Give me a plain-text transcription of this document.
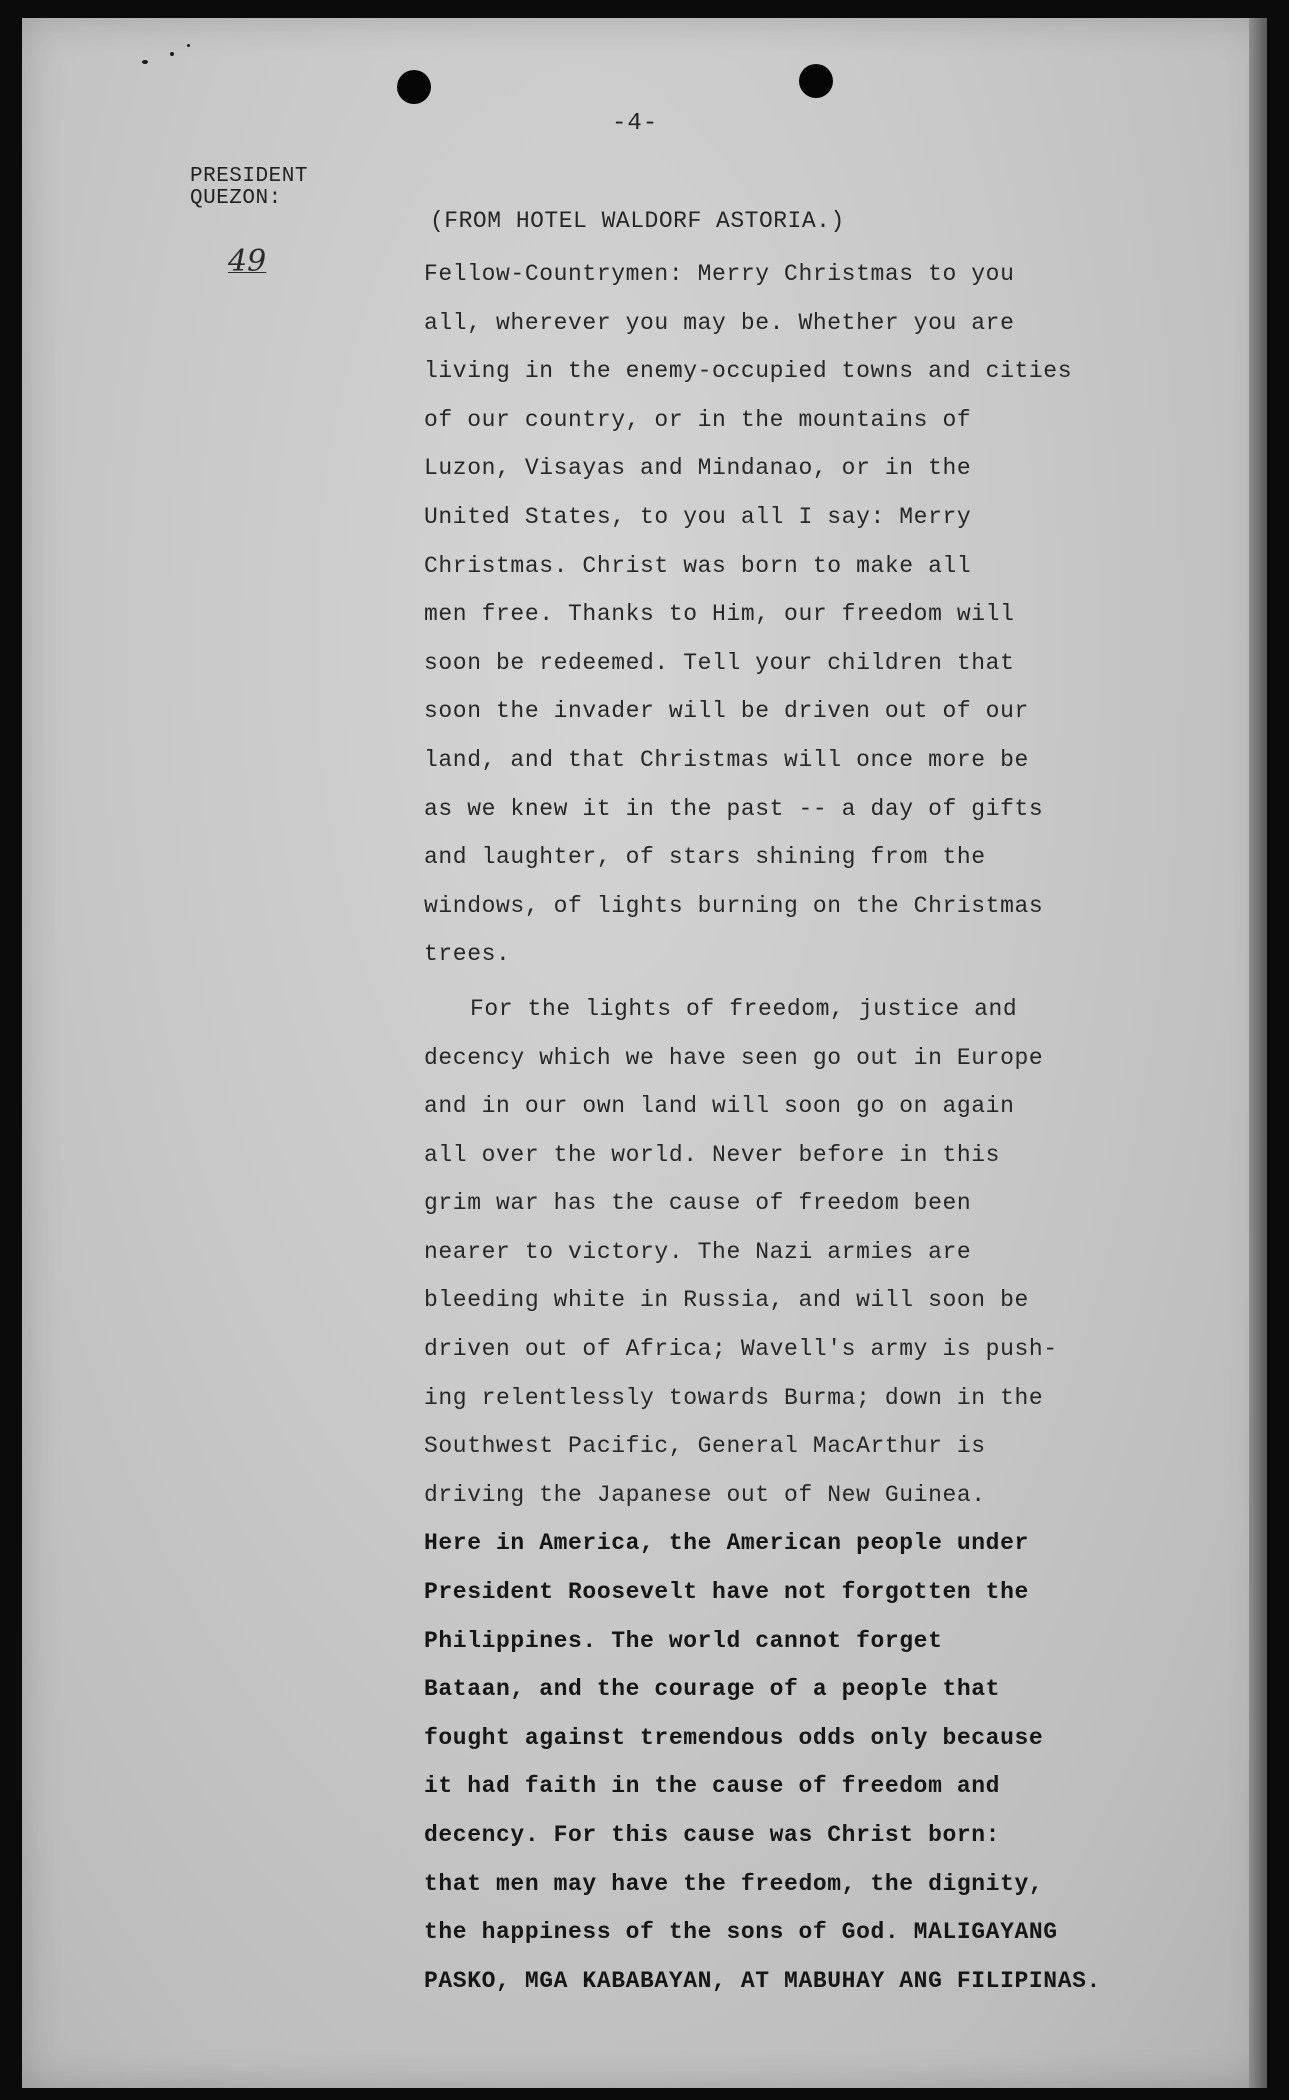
-4-
PRESIDENT
QUEZON:
49
(FROM HOTEL WALDORF ASTORIA.)
Fellow-Countrymen: Merry Christmas to you
all, wherever you may be. Whether you are
living in the enemy-occupied towns and cities
of our country, or in the mountains of
Luzon, Visayas and Mindanao, or in the
United States, to you all I say: Merry
Christmas. Christ was born to make all
men free. Thanks to Him, our freedom will
soon be redeemed. Tell your children that
soon the invader will be driven out of our
land, and that Christmas will once more be
as we knew it in the past -- a day of gifts
and laughter, of stars shining from the
windows, of lights burning on the Christmas
trees.
For the lights of freedom, justice and
decency which we have seen go out in Europe
and in our own land will soon go on again
all over the world. Never before in this
grim war has the cause of freedom been
nearer to victory. The Nazi armies are
bleeding white in Russia, and will soon be
driven out of Africa; Wavell's army is push-
ing relentlessly towards Burma; down in the
Southwest Pacific, General MacArthur is
driving the Japanese out of New Guinea.
Here in America, the American people under
President Roosevelt have not forgotten the
Philippines. The world cannot forget
Bataan, and the courage of a people that
fought against tremendous odds only because
it had faith in the cause of freedom and
decency. For this cause was Christ born:
that men may have the freedom, the dignity,
the happiness of the sons of God. MALIGAYANG
PASKO, MGA KABABAYAN, AT MABUHAY ANG FILIPINAS.
